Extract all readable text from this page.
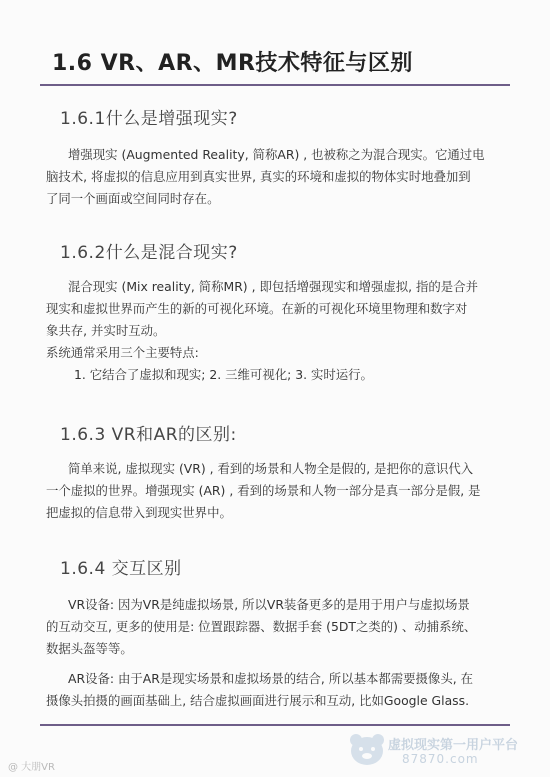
1.6 VR、AR、MR技术特征与区别
1.6.1什么是增强现实?
增强现实 (Augmented Reality, 简称AR) , 也被称之为混合现实。它通过电
脑技术, 将虚拟的信息应用到真实世界, 真实的环境和虚拟的物体实时地叠加到
了同一个画面或空间同时存在。
1.6.2什么是混合现实?
混合现实 (Mix reality, 简称MR) , 即包括增强现实和增强虚拟, 指的是合并
现实和虚拟世界而产生的新的可视化环境。在新的可视化环境里物理和数字对
象共存, 并实时互动。
系统通常采用三个主要特点:
1. 它结合了虚拟和现实; 2. 三维可视化; 3. 实时运行。
1.6.3 VR和AR的区别:
简单来说, 虚拟现实 (VR) , 看到的场景和人物全是假的, 是把你的意识代入
一个虚拟的世界。增强现实 (AR) , 看到的场景和人物一部分是真一部分是假, 是
把虚拟的信息带入到现实世界中。
1.6.4 交互区别
VR设备: 因为VR是纯虚拟场景, 所以VR装备更多的是用于用户与虚拟场景
的互动交互, 更多的使用是: 位置跟踪器、数据手套 (5DT之类的) 、动捕系统、
数据头盔等等。
AR设备: 由于AR是现实场景和虚拟场景的结合, 所以基本都需要摄像头, 在
摄像头拍摄的画面基础上, 结合虚拟画面进行展示和互动, 比如Google Glass.
@ 大朋VR
虚拟现实第一用户平台
87870.com
